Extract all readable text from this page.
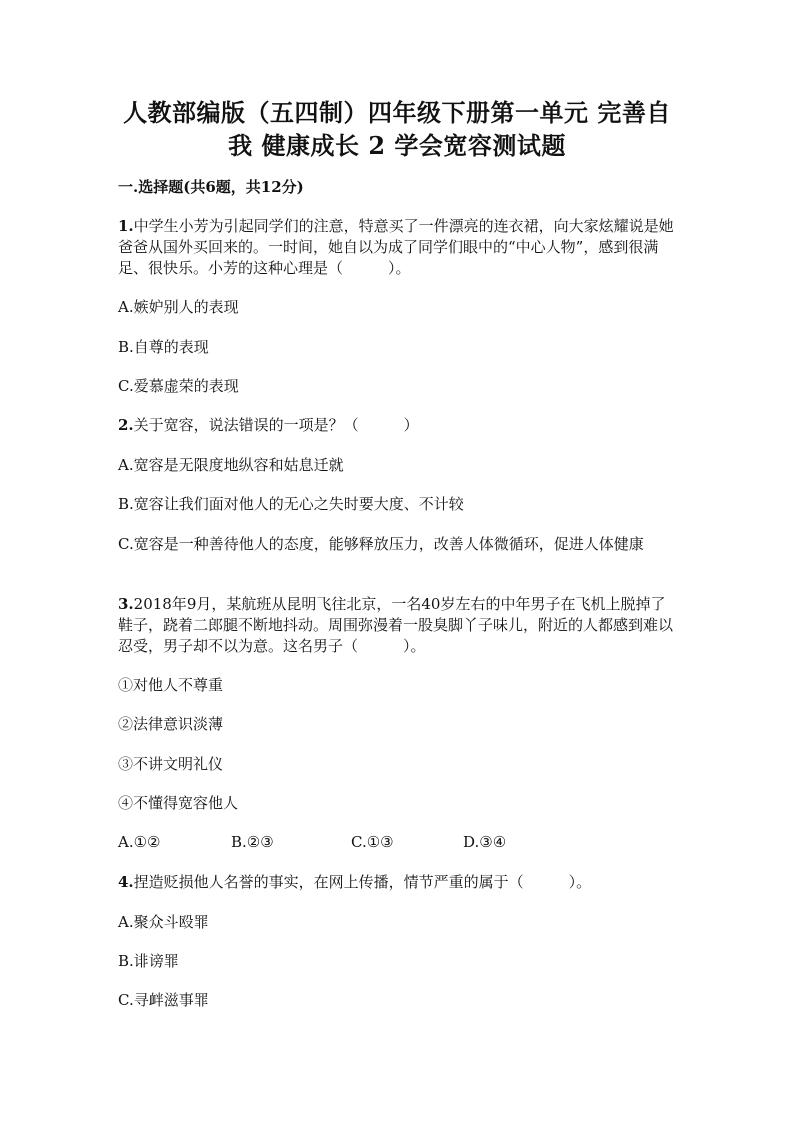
人教部编版（五四制）四年级下册第一单元 完善自
我 健康成长 2 学会宽容测试题
一.选择题(共6题，共12分)
1.中学生小芳为引起同学们的注意，特意买了一件漂亮的连衣裙，向大家炫耀说是她爸爸从国外买回来的。一时间，她自以为成了同学们眼中的“中心人物”，感到很满足、很快乐。小芳的这种心理是（　　　）。
A.嫉妒别人的表现
B.自尊的表现
C.爱慕虚荣的表现
2.关于宽容，说法错误的一项是？（　　　）
A.宽容是无限度地纵容和姑息迁就
B.宽容让我们面对他人的无心之失时要大度、不计较
C.宽容是一种善待他人的态度，能够释放压力，改善人体微循环，促进人体健康
3.2018年9月，某航班从昆明飞往北京，一名40岁左右的中年男子在飞机上脱掉了鞋子，跷着二郎腿不断地抖动。周围弥漫着一股臭脚丫子味儿，附近的人都感到难以忍受，男子却不以为意。这名男子（　　　）。
①对他人不尊重
②法律意识淡薄
③不讲文明礼仪
④不懂得宽容他人
A.①②	B.②③	C.①③	D.③④
4.捏造贬损他人名誉的事实，在网上传播，情节严重的属于（　　　）。
A.聚众斗殴罪
B.诽谤罪
C.寻衅滋事罪
